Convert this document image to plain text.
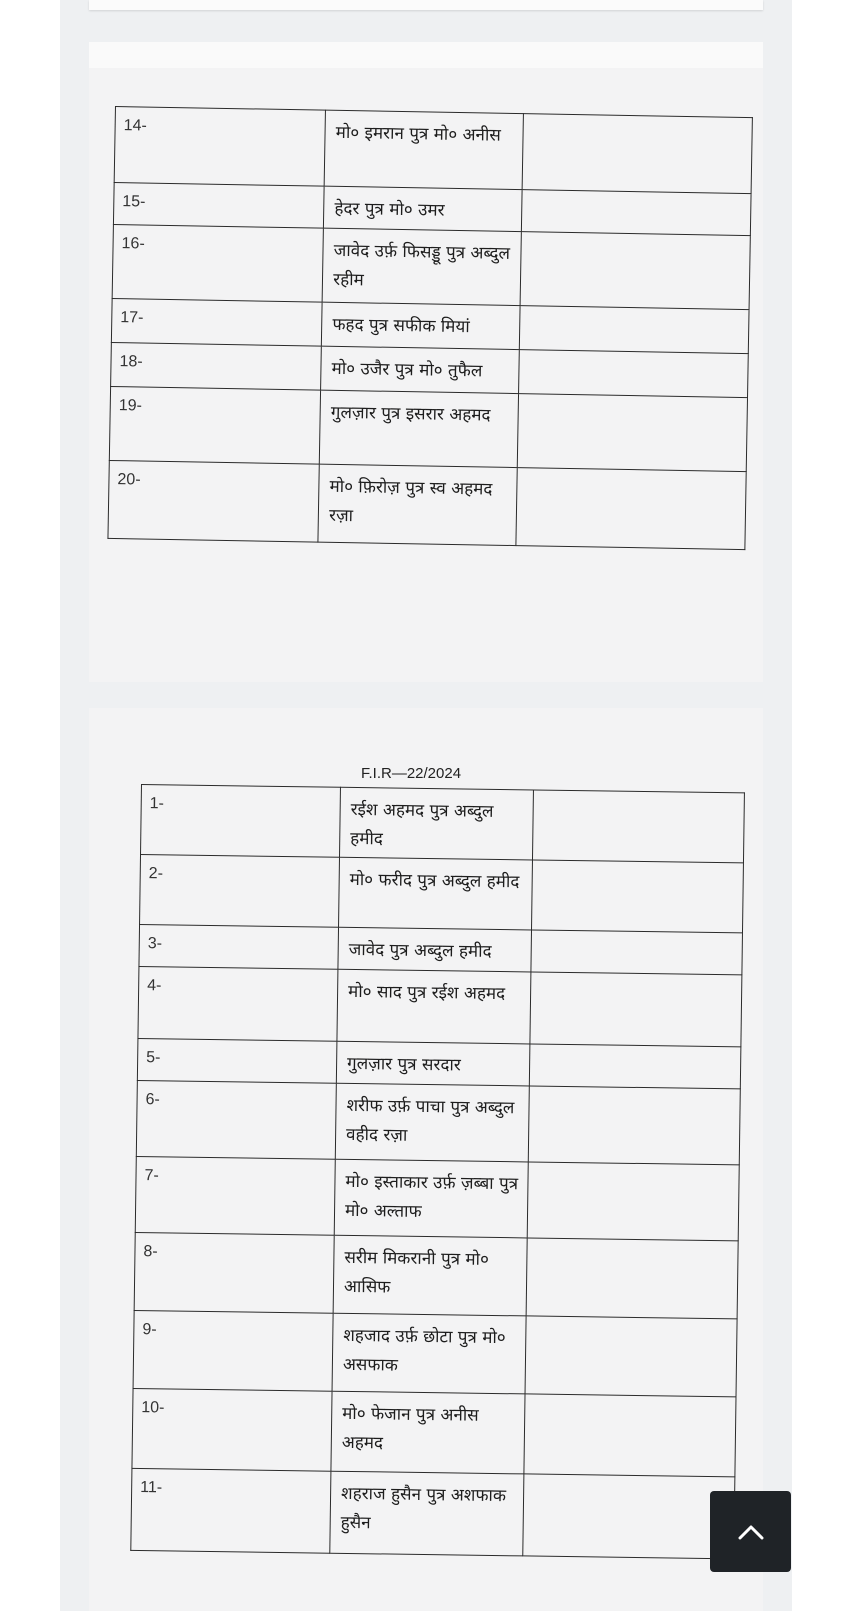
14-	मो० इमरान पुत्र मो० अनीस	
15-	हेदर पुत्र मो० उमर	
16-	जावेद उर्फ़ फिसड्डू पुत्र अब्दुल रहीम	
17-	फहद पुत्र सफीक मियां	
18-	मो० उजैर पुत्र मो० तुफैल	
19-	गुलज़ार पुत्र इसरार अहमद	
20-	मो० फ़िरोज़ पुत्र स्व अहमद रज़ा	
F.I.R—22/2024
1-	रईश अहमद पुत्र अब्दुल हमीद	
2-	मो० फरीद पुत्र अब्दुल हमीद	
3-	जावेद पुत्र अब्दुल हमीद	
4-	मो० साद पुत्र रईश अहमद	
5-	गुलज़ार पुत्र सरदार	
6-	शरीफ उर्फ़ पाचा पुत्र अब्दुल वहीद रज़ा	
7-	मो० इस्ताकार उर्फ़ ज़ब्बा पुत्र मो० अल्ताफ	
8-	सरीम मिकरानी पुत्र मो० आसिफ	
9-	शहजाद उर्फ़ छोटा पुत्र मो० असफाक	
10-	मो० फेजान पुत्र अनीस अहमद	
11-	शहराज हुसैन पुत्र अशफाक हुसैन	
